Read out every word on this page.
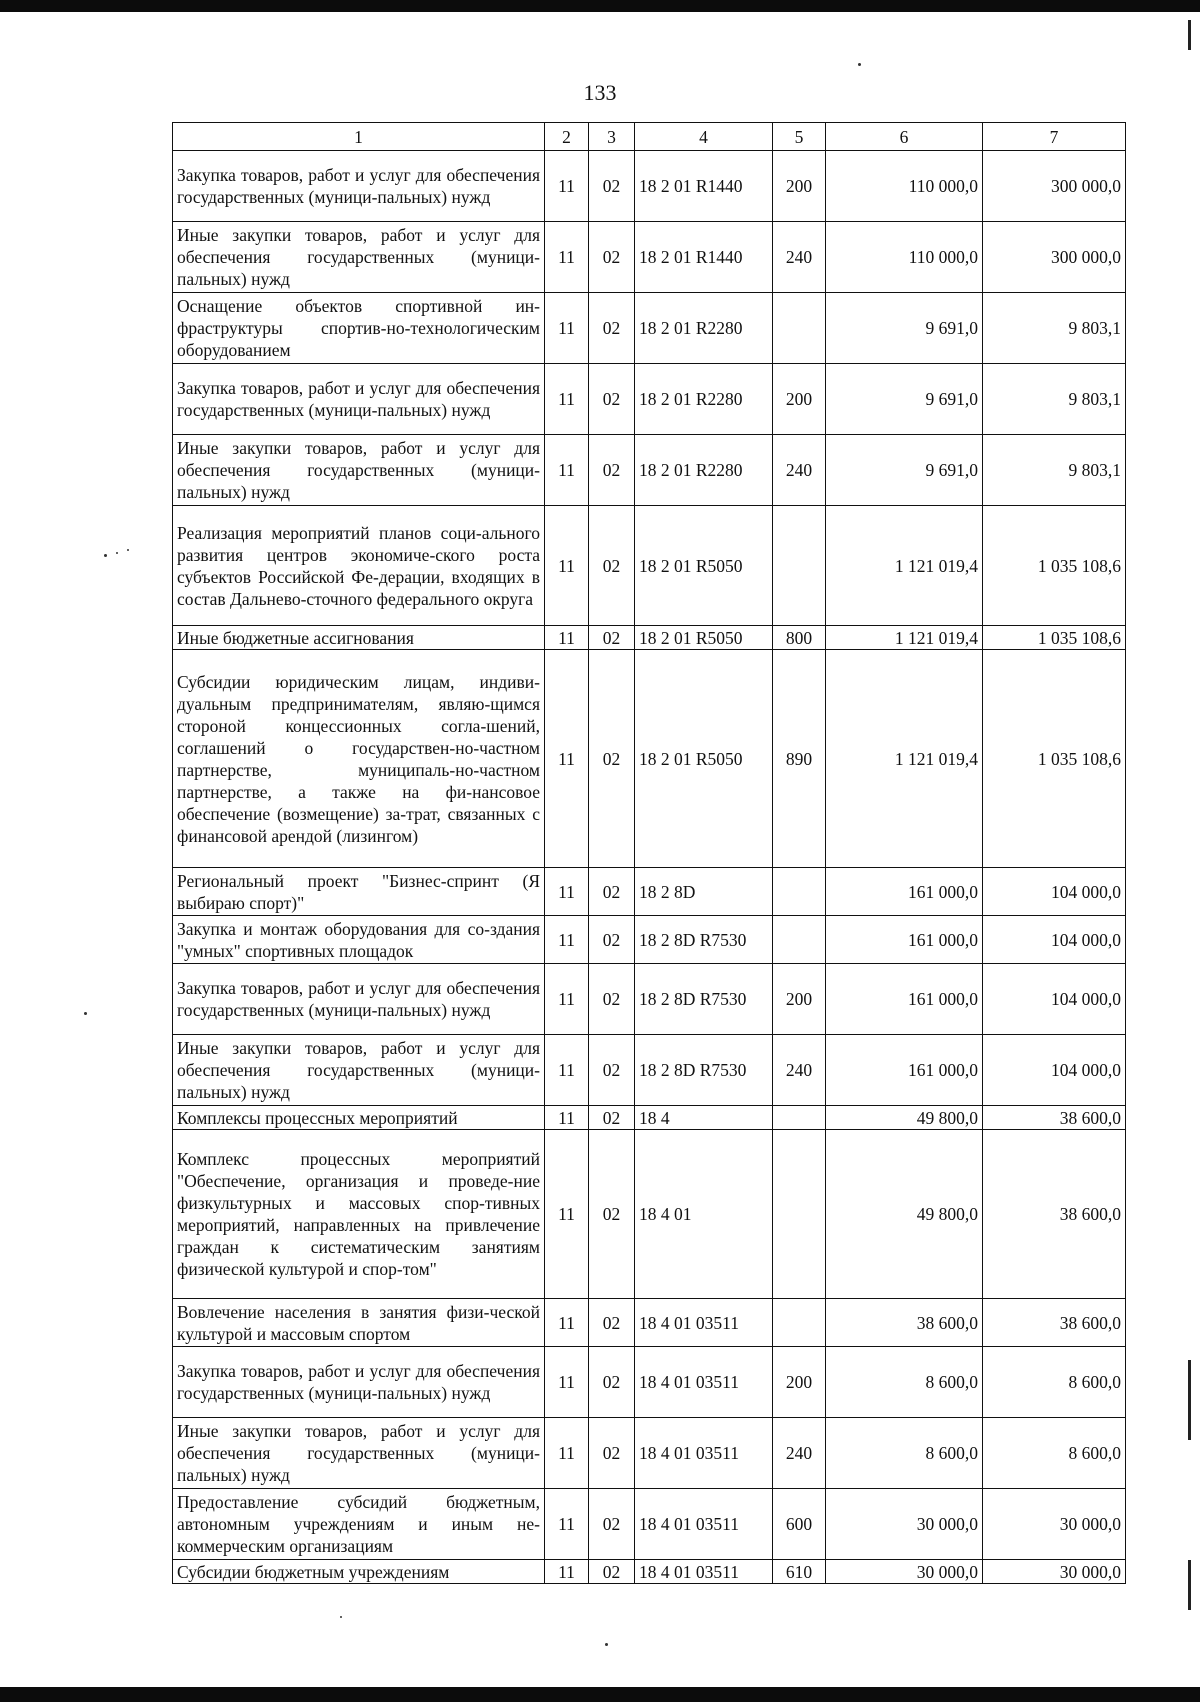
133
1	2	3	4	5	6	7
Закупка товаров, работ и услуг для обеспечения государственных (муници-пальных) нужд	11	02	18 2 01 R1440	200	110 000,0	300 000,0
Иные закупки товаров, работ и услуг для обеспечения государственных (муници-пальных) нужд	11	02	18 2 01 R1440	240	110 000,0	300 000,0
Оснащение объектов спортивной ин-фраструктуры спортив-но-технологическим оборудованием	11	02	18 2 01 R2280		9 691,0	9 803,1
Закупка товаров, работ и услуг для обеспечения государственных (муници-пальных) нужд	11	02	18 2 01 R2280	200	9 691,0	9 803,1
Иные закупки товаров, работ и услуг для обеспечения государственных (муници-пальных) нужд	11	02	18 2 01 R2280	240	9 691,0	9 803,1
Реализация мероприятий планов соци-ального развития центров экономиче-ского роста субъектов Российской Фе-дерации, входящих в состав Дальнево-сточного федерального округа	11	02	18 2 01 R5050		1 121 019,4	1 035 108,6
Иные бюджетные ассигнования	11	02	18 2 01 R5050	800	1 121 019,4	1 035 108,6
Субсидии юридическим лицам, индиви-дуальным предпринимателям, являю-щимся стороной концессионных согла-шений, соглашений о государствен-но-частном партнерстве, муниципаль-но-частном партнерстве, а также на фи-нансовое обеспечение (возмещение) за-трат, связанных с финансовой арендой (лизингом)	11	02	18 2 01 R5050	890	1 121 019,4	1 035 108,6
Региональный проект "Бизнес-спринт (Я выбираю спорт)"	11	02	18 2 8D		161 000,0	104 000,0
Закупка и монтаж оборудования для со-здания "умных" спортивных площадок	11	02	18 2 8D R7530		161 000,0	104 000,0
Закупка товаров, работ и услуг для обеспечения государственных (муници-пальных) нужд	11	02	18 2 8D R7530	200	161 000,0	104 000,0
Иные закупки товаров, работ и услуг для обеспечения государственных (муници-пальных) нужд	11	02	18 2 8D R7530	240	161 000,0	104 000,0
Комплексы процессных мероприятий	11	02	18 4		49 800,0	38 600,0
Комплекс процессных мероприятий "Обеспечение, организация и проведе-ние физкультурных и массовых спор-тивных мероприятий, направленных на привлечение граждан к систематическим занятиям физической культурой и спор-том"	11	02	18 4 01		49 800,0	38 600,0
Вовлечение населения в занятия физи-ческой культурой и массовым спортом	11	02	18 4 01 03511		38 600,0	38 600,0
Закупка товаров, работ и услуг для обеспечения государственных (муници-пальных) нужд	11	02	18 4 01 03511	200	8 600,0	8 600,0
Иные закупки товаров, работ и услуг для обеспечения государственных (муници-пальных) нужд	11	02	18 4 01 03511	240	8 600,0	8 600,0
Предоставление субсидий бюджетным, автономным учреждениям и иным не-коммерческим организациям	11	02	18 4 01 03511	600	30 000,0	30 000,0
Субсидии бюджетным учреждениям	11	02	18 4 01 03511	610	30 000,0	30 000,0
